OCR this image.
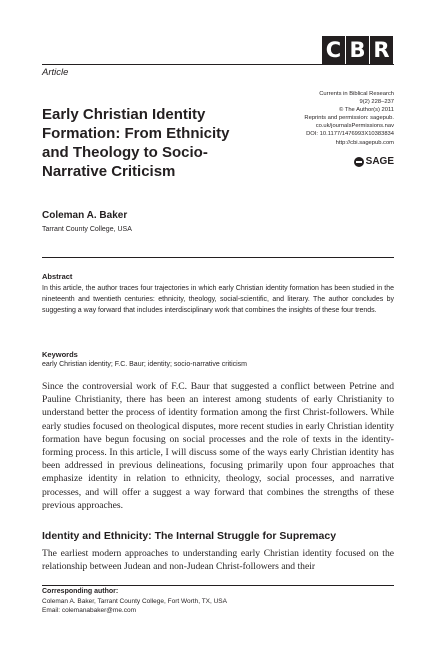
C B R
Article
Early Christian Identity Formation: From Ethnicity and Theology to Socio-Narrative Criticism
Currents in Biblical Research
9(2) 228–237
© The Author(s) 2011
Reprints and permission: sagepub.
co.uk/journalsPermissions.nav
DOI: 10.1177/1476993X10383834
http://cbi.sagepub.com
SAGE
Coleman A. Baker
Tarrant County College, USA
Abstract
In this article, the author traces four trajectories in which early Christian identity formation has been studied in the nineteenth and twentieth centuries: ethnicity, theology, social-scientific, and literary. The author concludes by suggesting a way forward that includes interdisciplinary work that combines the insights of these four trends.
Keywords
early Christian identity; F.C. Baur; identity; socio-narrative criticism
Since the controversial work of F.C. Baur that suggested a conflict between Petrine and Pauline Christianity, there has been an interest among students of early Christianity to understand better the process of identity formation among the first Christ-followers. While early studies focused on theological disputes, more recent studies in early Christian identity formation have begun focusing on social processes and the role of texts in the identity-forming process. In this article, I will discuss some of the ways early Christian identity has been addressed in previous delineations, focusing primarily upon four approaches that emphasize identity in relation to ethnicity, theology, social processes, and narrative processes, and will offer a suggest a way forward that combines the strengths of these previous approaches.
Identity and Ethnicity: The Internal Struggle for Supremacy
The earliest modern approaches to understanding early Christian identity focused on the relationship between Judean and non-Judean Christ-followers and their
Corresponding author:
Coleman A. Baker, Tarrant County College, Fort Worth, TX, USA
Email: colemanabaker@me.com
